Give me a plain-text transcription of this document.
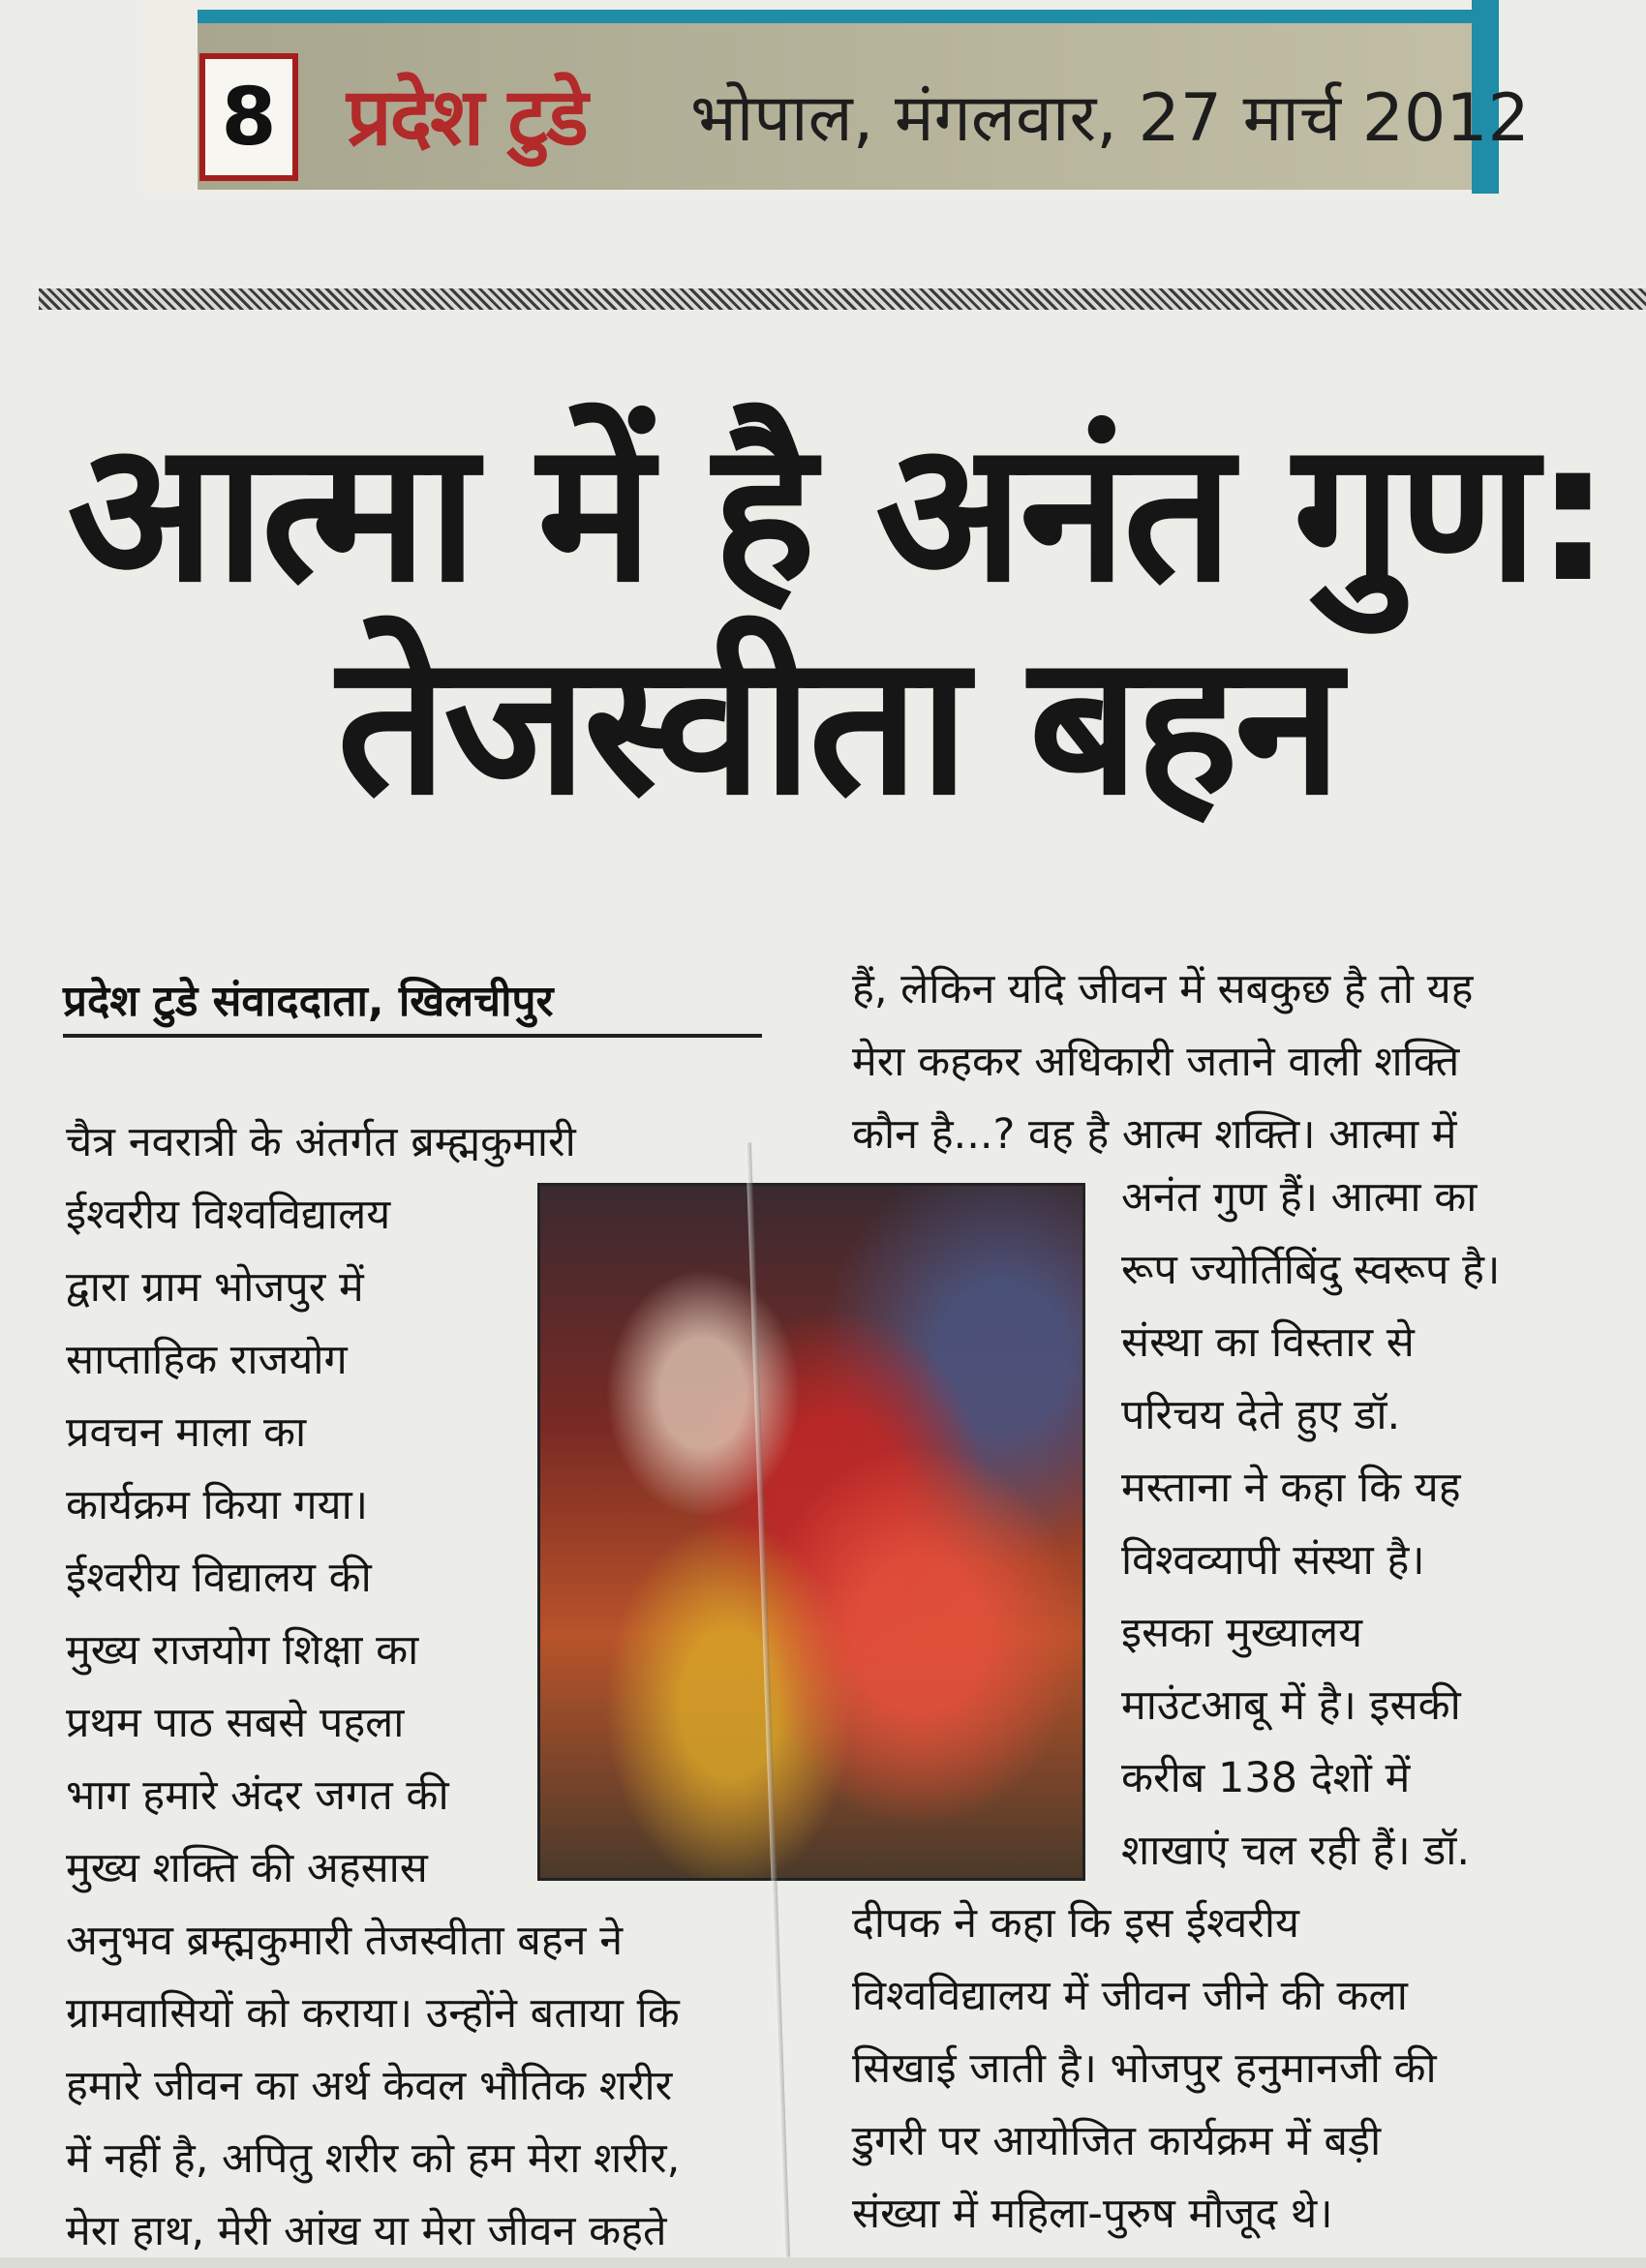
8 प्रदेश टुडे भोपाल, मंगलवार, 27 मार्च 2012
आत्मा में है अनंत गुण:
तेजस्वीता बहन
प्रदेश टुडे संवाददाता, खिलचीपुर
चैत्र नवरात्री के अंतर्गत ब्रम्ह्मकुमारी
ईश्वरीय विश्वविद्यालय
द्वारा ग्राम भोजपुर में
साप्ताहिक राजयोग
प्रवचन माला का
कार्यक्रम किया गया।
ईश्वरीय विद्यालय की
मुख्य राजयोग शिक्षा का
प्रथम पाठ सबसे पहला
भाग हमारे अंदर जगत की
मुख्य शक्ति की अहसास
अनुभव ब्रम्ह्मकुमारी तेजस्वीता बहन ने
ग्रामवासियों को कराया। उन्होंने बताया कि
हमारे जीवन का अर्थ केवल भौतिक शरीर
में नहीं है, अपितु शरीर को हम मेरा शरीर,
मेरा हाथ, मेरी आंख या मेरा जीवन कहते
हैं, लेकिन यदि जीवन में सबकुछ है तो यह
मेरा कहकर अधिकारी जताने वाली शक्ति
कौन है...? वह है आत्म शक्ति। आत्मा में
अनंत गुण हैं। आत्मा का
रूप ज्योर्तिबिंदु स्वरूप है।
संस्था का विस्तार से
परिचय देते हुए डॉ.
मस्ताना ने कहा कि यह
विश्वव्यापी संस्था है।
इसका मुख्यालय
माउंटआबू में है। इसकी
करीब 138 देशों में
शाखाएं चल रही हैं। डॉ.
दीपक ने कहा कि इस ईश्वरीय
विश्वविद्यालय में जीवन जीने की कला
सिखाई जाती है। भोजपुर हनुमानजी की
डुगरी पर आयोजित कार्यक्रम में बड़ी
संख्या में महिला-पुरुष मौजूद थे।
